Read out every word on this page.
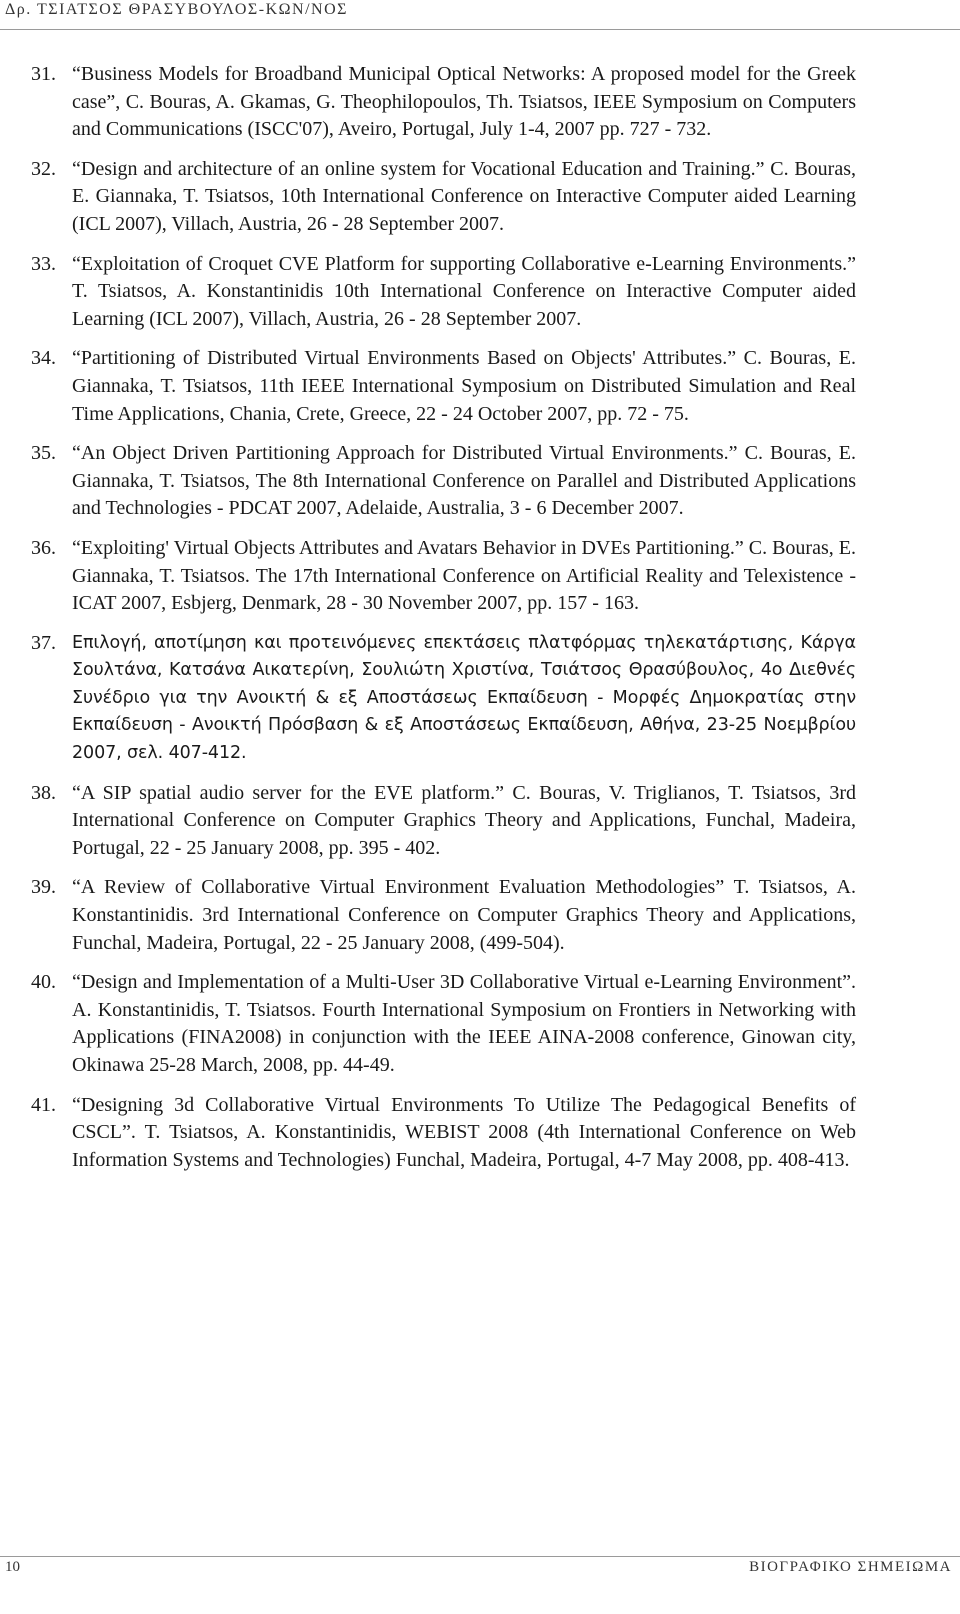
Δρ. ΤΣΙΑΤΣΟΣ ΘΡΑΣΥΒΟΥΛΟΣ-ΚΩΝ/ΝΟΣ
31. “Business Models for Broadband Municipal Optical Networks: A proposed model for the Greek case”, C. Bouras, A. Gkamas, G. Theophilopoulos, Th. Tsiatsos, IEEE Symposium on Computers and Communications (ISCC'07), Aveiro, Portugal, July 1-4, 2007 pp. 727 - 732.
32. “Design and architecture of an online system for Vocational Education and Training.” C. Bouras, E. Giannaka, T. Tsiatsos, 10th International Conference on Interactive Computer aided Learning (ICL 2007), Villach, Austria, 26 - 28 September 2007.
33. “Exploitation of Croquet CVE Platform for supporting Collaborative e-Learning Environments.” T. Tsiatsos, A. Konstantinidis 10th International Conference on Interactive Computer aided Learning (ICL 2007), Villach, Austria, 26 - 28 September 2007.
34. “Partitioning of Distributed Virtual Environments Based on Objects' Attributes.” C. Bouras, E. Giannaka, T. Tsiatsos, 11th IEEE International Symposium on Distributed Simulation and Real Time Applications, Chania, Crete, Greece, 22 - 24 October 2007, pp. 72 - 75.
35. “An Object Driven Partitioning Approach for Distributed Virtual Environments.” C. Bouras, E. Giannaka, T. Tsiatsos, The 8th International Conference on Parallel and Distributed Applications and Technologies - PDCAT 2007, Adelaide, Australia, 3 - 6 December 2007.
36. “Exploiting' Virtual Objects Attributes and Avatars Behavior in DVEs Partitioning.” C. Bouras, E. Giannaka, T. Tsiatsos. The 17th International Conference on Artificial Reality and Telexistence - ICAT 2007, Esbjerg, Denmark, 28 - 30 November 2007, pp. 157 - 163.
37. Επιλογή, αποτίμηση και προτεινόμενες επεκτάσεις πλατφόρμας τηλεκατάρτισης, Κάργα Σουλτάνα, Κατσάνα Αικατερίνη, Σουλιώτη Χριστίνα, Τσιάτσος Θρασύβουλος, 4ο Διεθνές Συνέδριο για την Ανοικτή & εξ Αποστάσεως Εκπαίδευση - Μορφές Δημοκρατίας στην Εκπαίδευση - Ανοικτή Πρόσβαση & εξ Αποστάσεως Εκπαίδευση, Αθήνα, 23-25 Νοεμβρίου 2007, σελ. 407-412.
38. “A SIP spatial audio server for the EVE platform.” C. Bouras, V. Triglianos, T. Tsiatsos, 3rd International Conference on Computer Graphics Theory and Applications, Funchal, Madeira, Portugal, 22 - 25 January 2008, pp. 395 - 402.
39. “A Review of Collaborative Virtual Environment Evaluation Methodologies” T. Tsiatsos, A. Konstantinidis. 3rd International Conference on Computer Graphics Theory and Applications, Funchal, Madeira, Portugal, 22 - 25 January 2008, (499-504).
40. “Design and Implementation of a Multi-User 3D Collaborative Virtual e-Learning Environment”. A. Konstantinidis, T. Tsiatsos. Fourth International Symposium on Frontiers in Networking with Applications (FINA2008) in conjunction with the IEEE AINA-2008 conference, Ginowan city, Okinawa 25-28 March, 2008, pp. 44-49.
41. “Designing 3d Collaborative Virtual Environments To Utilize The Pedagogical Benefits of CSCL”. T. Tsiatsos, A. Konstantinidis, WEBIST 2008 (4th International Conference on Web Information Systems and Technologies) Funchal, Madeira, Portugal, 4-7 May 2008, pp. 408-413.
10	ΒΙΟΓΡΑΦΙΚΟ ΣΗΜΕΙΩΜΑ
